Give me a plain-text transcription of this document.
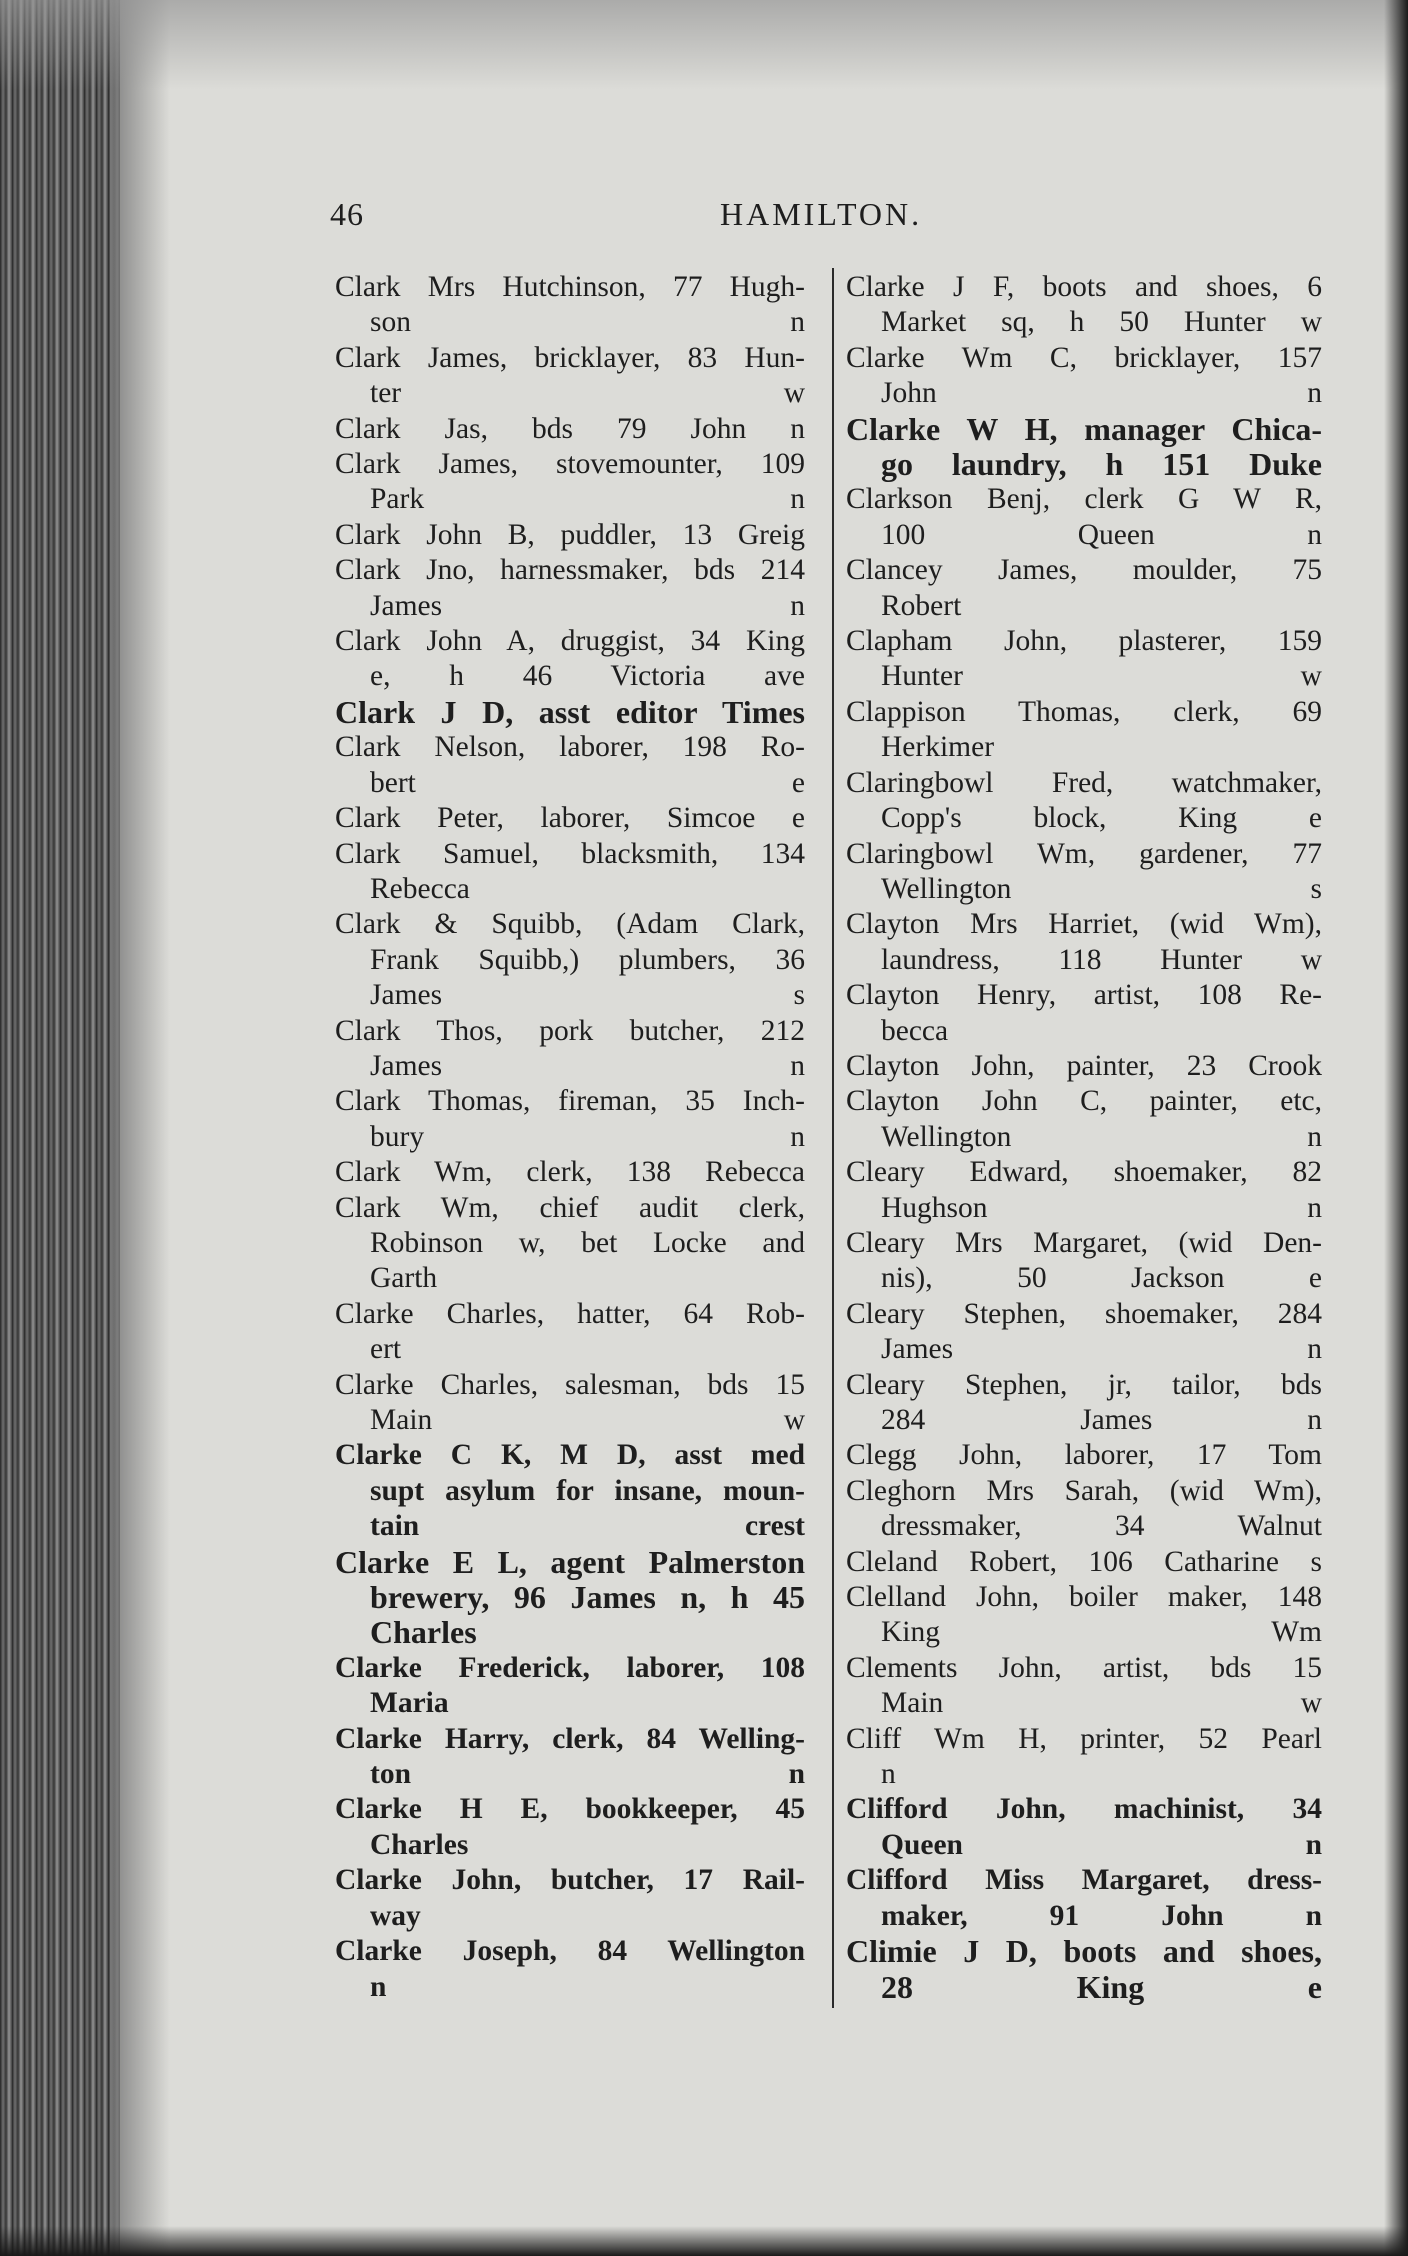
46	HAMILTON.

Clark Mrs Hutchinson, 77 Hugh-
son n

Clark James, bricklayer, 83 Hun-
ter w

Clark Jas, bds 79 John n

Clark James, stovemounter, 109
Park n

Clark John B, puddler, 13 Greig

Clark Jno, harnessmaker, bds 214
James n

Clark John A, druggist, 34 King
e, h 46 Victoria ave

Clark J D, asst editor Times

Clark Nelson, laborer, 198 Ro-
bert e

Clark Peter, laborer, Simcoe e

Clark Samuel, blacksmith, 134
Rebecca

Clark & Squibb, (Adam Clark,
Frank Squibb,) plumbers, 36
James s

Clark Thos, pork butcher, 212
James n

Clark Thomas, fireman, 35 Inch-
bury n

Clark Wm, clerk, 138 Rebecca

Clark Wm, chief audit clerk,
Robinson w, bet Locke and
Garth

Clarke Charles, hatter, 64 Rob-
ert

Clarke Charles, salesman, bds 15
Main w

Clarke C K, M D, asst med
supt asylum for insane, moun-
tain crest

Clarke E L, agent Palmerston
brewery, 96 James n, h 45
Charles

Clarke Frederick, laborer, 108
Maria

Clarke Harry, clerk, 84 Welling-
ton n

Clarke H E, bookkeeper, 45
Charles

Clarke John, butcher, 17 Rail-
way

Clarke Joseph, 84 Wellington
n

Clarke J F, boots and shoes, 6
Market sq, h 50 Hunter w

Clarke Wm C, bricklayer, 157
John n

Clarke W H, manager Chica-
go laundry, h 151 Duke

Clarkson Benj, clerk G W R,
100 Queen n

Clancey James, moulder, 75
Robert

Clapham John, plasterer, 159
Hunter w

Clappison Thomas, clerk, 69
Herkimer

Claringbowl Fred, watchmaker,
Copp's block, King e

Claringbowl Wm, gardener, 77
Wellington s

Clayton Mrs Harriet, (wid Wm),
laundress, 118 Hunter w

Clayton Henry, artist, 108 Re-
becca

Clayton John, painter, 23 Crook

Clayton John C, painter, etc,
Wellington n

Cleary Edward, shoemaker, 82
Hughson n

Cleary Mrs Margaret, (wid Den-
nis), 50 Jackson e

Cleary Stephen, shoemaker, 284
James n

Cleary Stephen, jr, tailor, bds
284 James n

Clegg John, laborer, 17 Tom

Cleghorn Mrs Sarah, (wid Wm),
dressmaker, 34 Walnut

Cleland Robert, 106 Catharine s

Clelland John, boiler maker, 148
King Wm

Clements John, artist, bds 15
Main w

Cliff Wm H, printer, 52 Pearl
n

Clifford John, machinist, 34
Queen n

Clifford Miss Margaret, dress-
maker, 91 John n

Climie J D, boots and shoes,
28 King e
